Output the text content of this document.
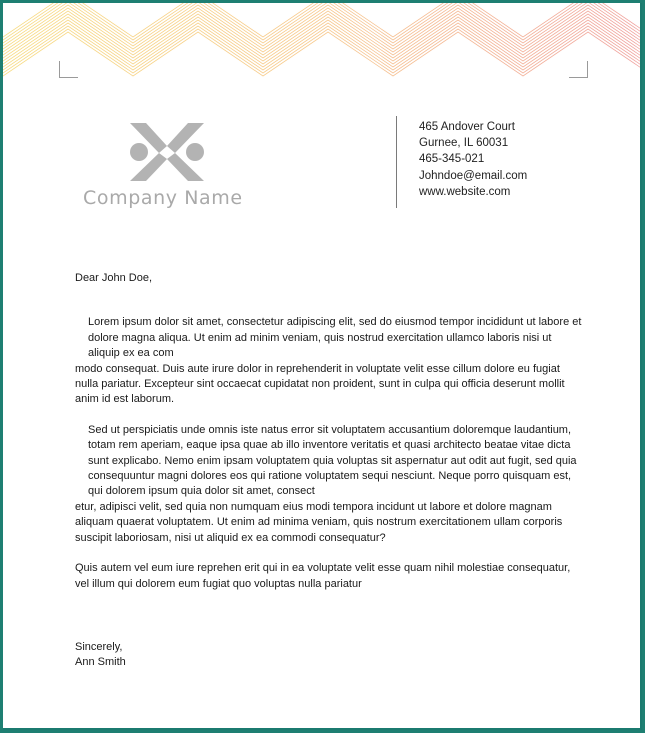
Company Name
465 Andover Court
Gurnee, IL 60031
465-345-021
Johndoe@email.com
www.website.com

Dear John Doe,

Lorem ipsum dolor sit amet, consectetur adipiscing elit, sed do eiusmod tempor incididunt ut labore et dolore magna aliqua. Ut enim ad minim veniam, quis nostrud exercitation ullamco laboris nisi ut aliquip ex ea com

modo consequat. Duis aute irure dolor in reprehenderit in voluptate velit esse cillum dolore eu fugiat nulla pariatur. Excepteur sint occaecat cupidatat non proident, sunt in culpa qui officia deserunt mollit anim id est laborum.

Sed ut perspiciatis unde omnis iste natus error sit voluptatem accusantium doloremque laudantium, totam rem aperiam, eaque ipsa quae ab illo inventore veritatis et quasi architecto beatae vitae dicta sunt explicabo. Nemo enim ipsam voluptatem quia voluptas sit aspernatur aut odit aut fugit, sed quia consequuntur magni dolores eos qui ratione voluptatem sequi nesciunt. Neque porro quisquam est, qui dolorem ipsum quia dolor sit amet, consect

etur, adipisci velit, sed quia non numquam eius modi tempora incidunt ut labore et dolore magnam aliquam quaerat voluptatem. Ut enim ad minima veniam, quis nostrum exercitationem ullam corporis suscipit laboriosam, nisi ut aliquid ex ea commodi consequatur?

Quis autem vel eum iure reprehen erit qui in ea voluptate velit esse quam nihil molestiae consequatur, vel illum qui dolorem eum fugiat quo voluptas nulla pariatur

Sincerely,

Ann Smith
